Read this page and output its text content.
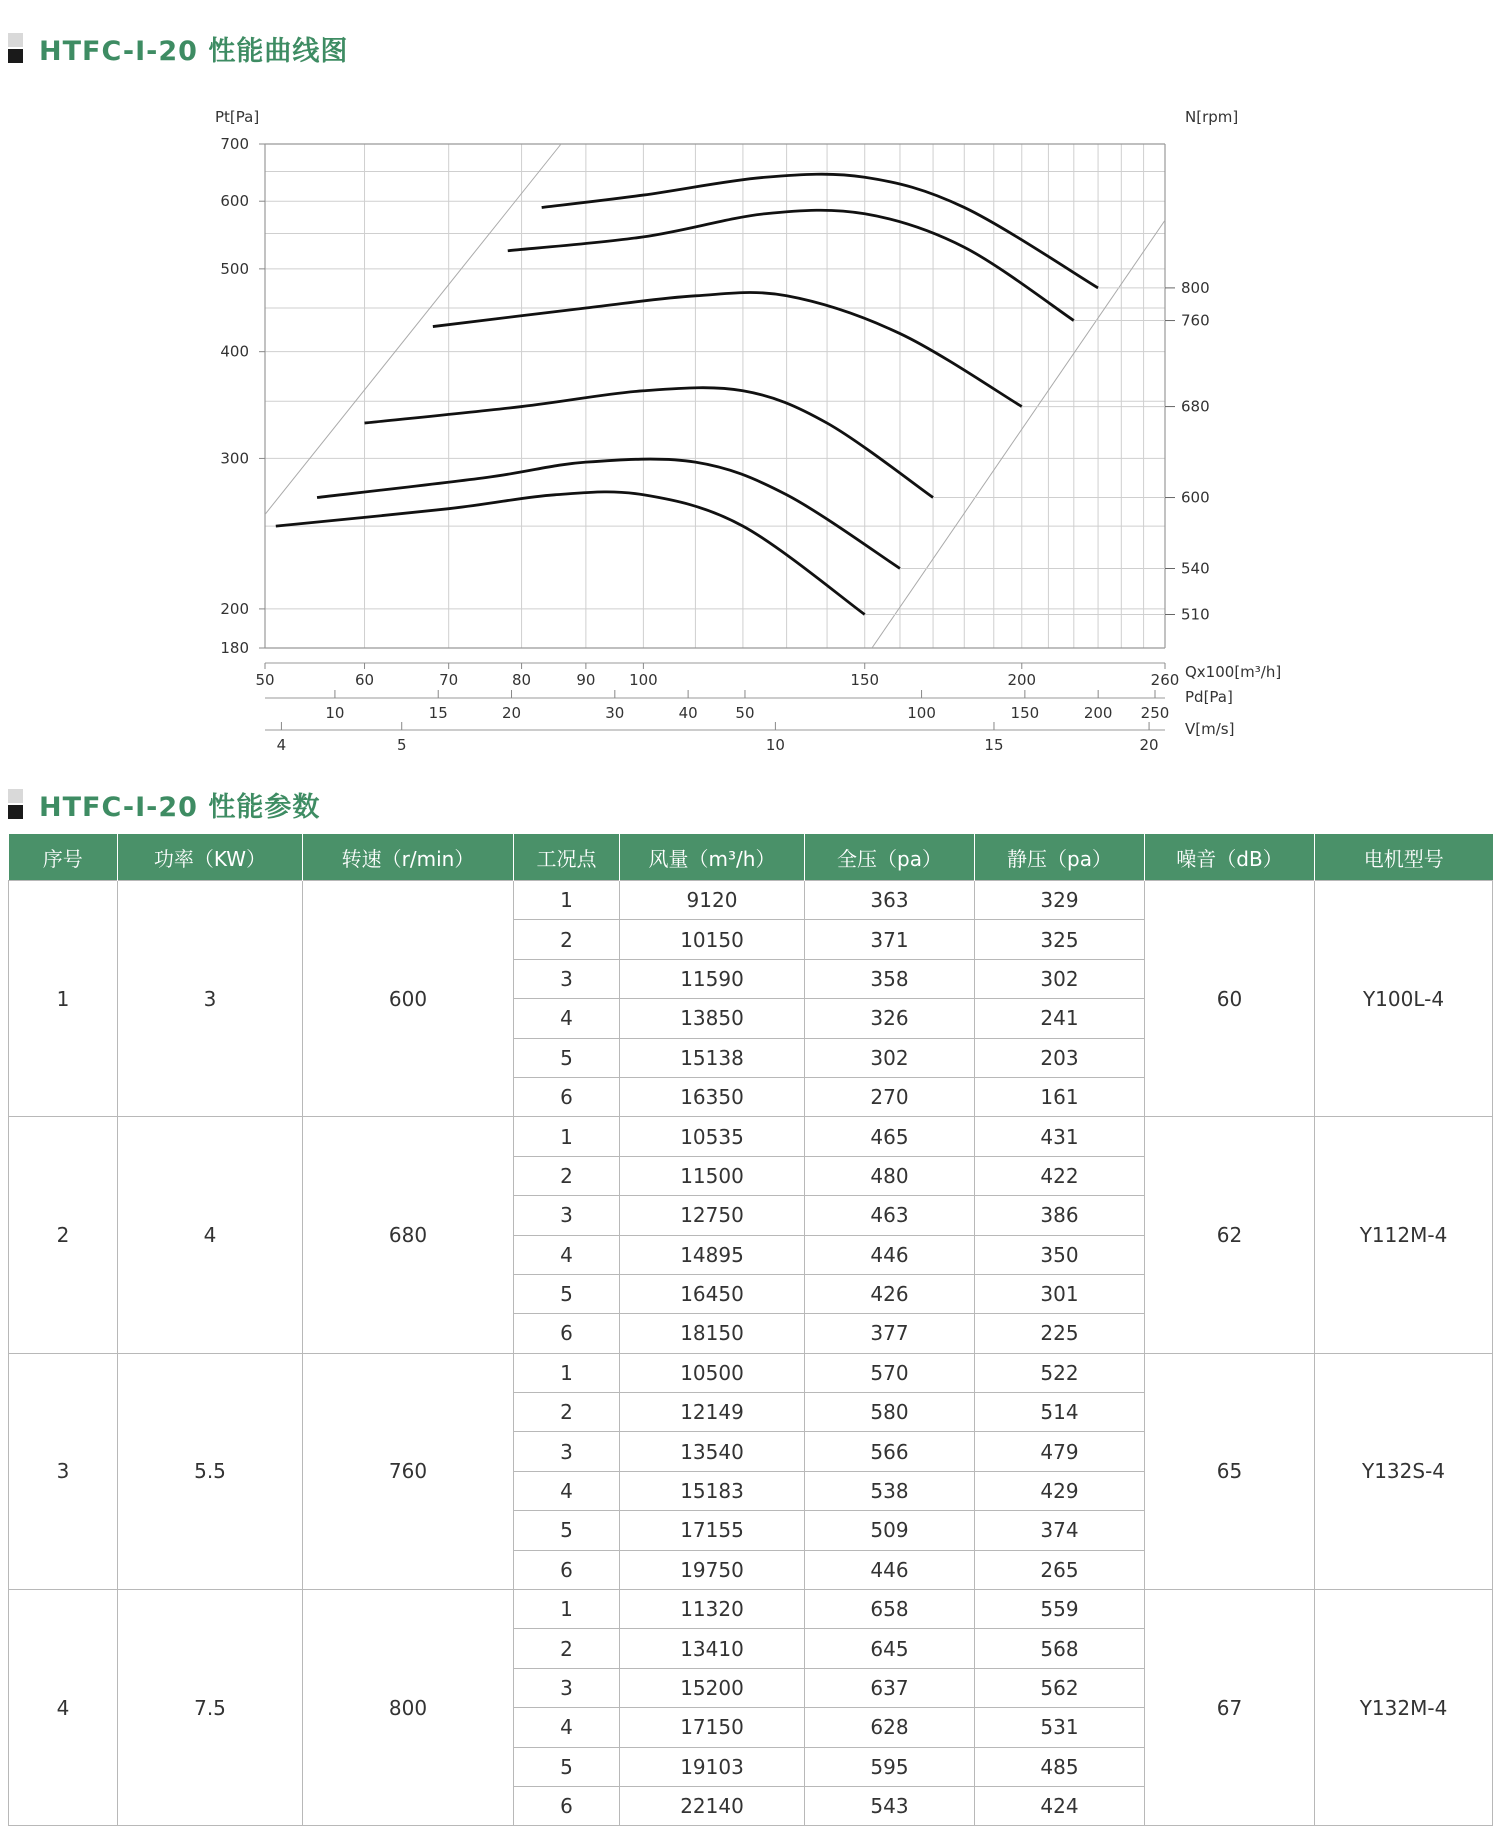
HTFC-I-20 性能曲线图
800
760
680
600
540
510
180
200
300
400
500
600
700
Pt[Pa]	N[rpm]
50	60	70	80	90 100	150	200	260 Qx100[m³/h]
10	15	20	30	40	50	100	150	200 250
Pd[Pa]
4	5	10	15	20
V[m/s]
HTFC-I-20 性能参数
序号	功率（KW）	转速（r/min）	工况点	风量（m³/h）	全压（pa）	静压（pa）	噪音（dB）	电机型号
1	3	600	1	9120	363	329	60	Y100L-4
			2	10150	371	325		
			3	11590	358	302		
			4	13850	326	241		
			5	15138	302	203		
			6	16350	270	161		
2	4	680	1	10535	465	431	62	Y112M-4
			2	11500	480	422		
			3	12750	463	386		
			4	14895	446	350		
			5	16450	426	301		
			6	18150	377	225		
3	5.5	760	1	10500	570	522	65	Y132S-4
			2	12149	580	514		
			3	13540	566	479		
			4	15183	538	429		
			5	17155	509	374		
			6	19750	446	265		
4	7.5	800	1	11320	658	559	67	Y132M-4
			2	13410	645	568		
			3	15200	637	562		
			4	17150	628	531		
			5	19103	595	485		
			6	22140	543	424		
